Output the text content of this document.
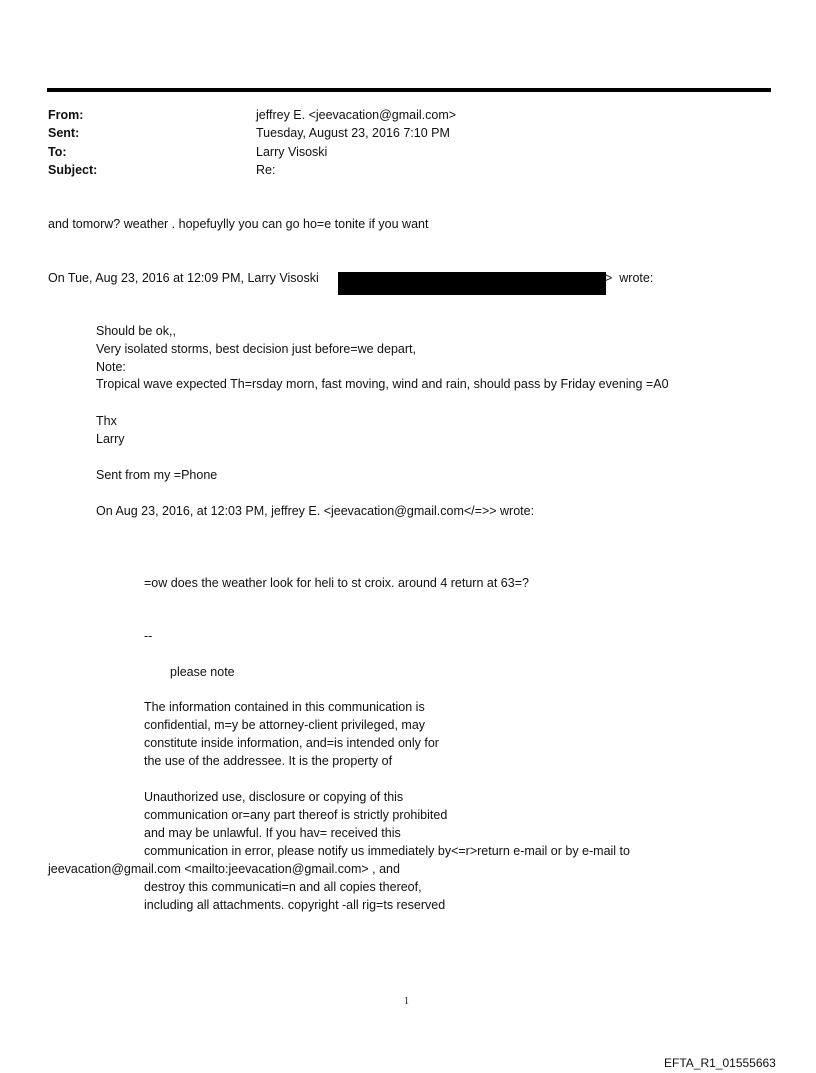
From:	jeffrey E. <jeevacation@gmail.com>
Sent:	Tuesday, August 23, 2016 7:10 PM
To:	Larry Visoski
Subject:	Re:
and tomorw? weather . hopefuylly you can go ho=e tonite if you want
On Tue, Aug 23, 2016 at 12:09 PM, Larry Visoski	>  wrote:
Should be ok,,
Very isolated storms, best decision just before=we depart,
Note:
Tropical wave expected Th=rsday morn, fast moving, wind and rain, should pass by Friday evening =A0
Thx
Larry
Sent from my =Phone
On Aug 23, 2016, at 12:03 PM, jeffrey E. <jeevacation@gmail.com</=>> wrote:
=ow does the weather look for heli to st croix. around 4 return at 63=?
--
please note
The information contained in this communication is
confidential, m=y be attorney-client privileged, may
constitute inside information, and=is intended only for
the use of the addressee. It is the property of
Unauthorized use, disclosure or copying of this
communication or=any part thereof is strictly prohibited
and may be unlawful. If you hav= received this
communication in error, please notify us immediately by<=r>return e-mail or by e-mail to
jeevacation@gmail.com <mailto:jeevacation@gmail.com> , and
destroy this communicati=n and all copies thereof,
including all attachments. copyright -all rig=ts reserved
1
EFTA_R1_01555663
